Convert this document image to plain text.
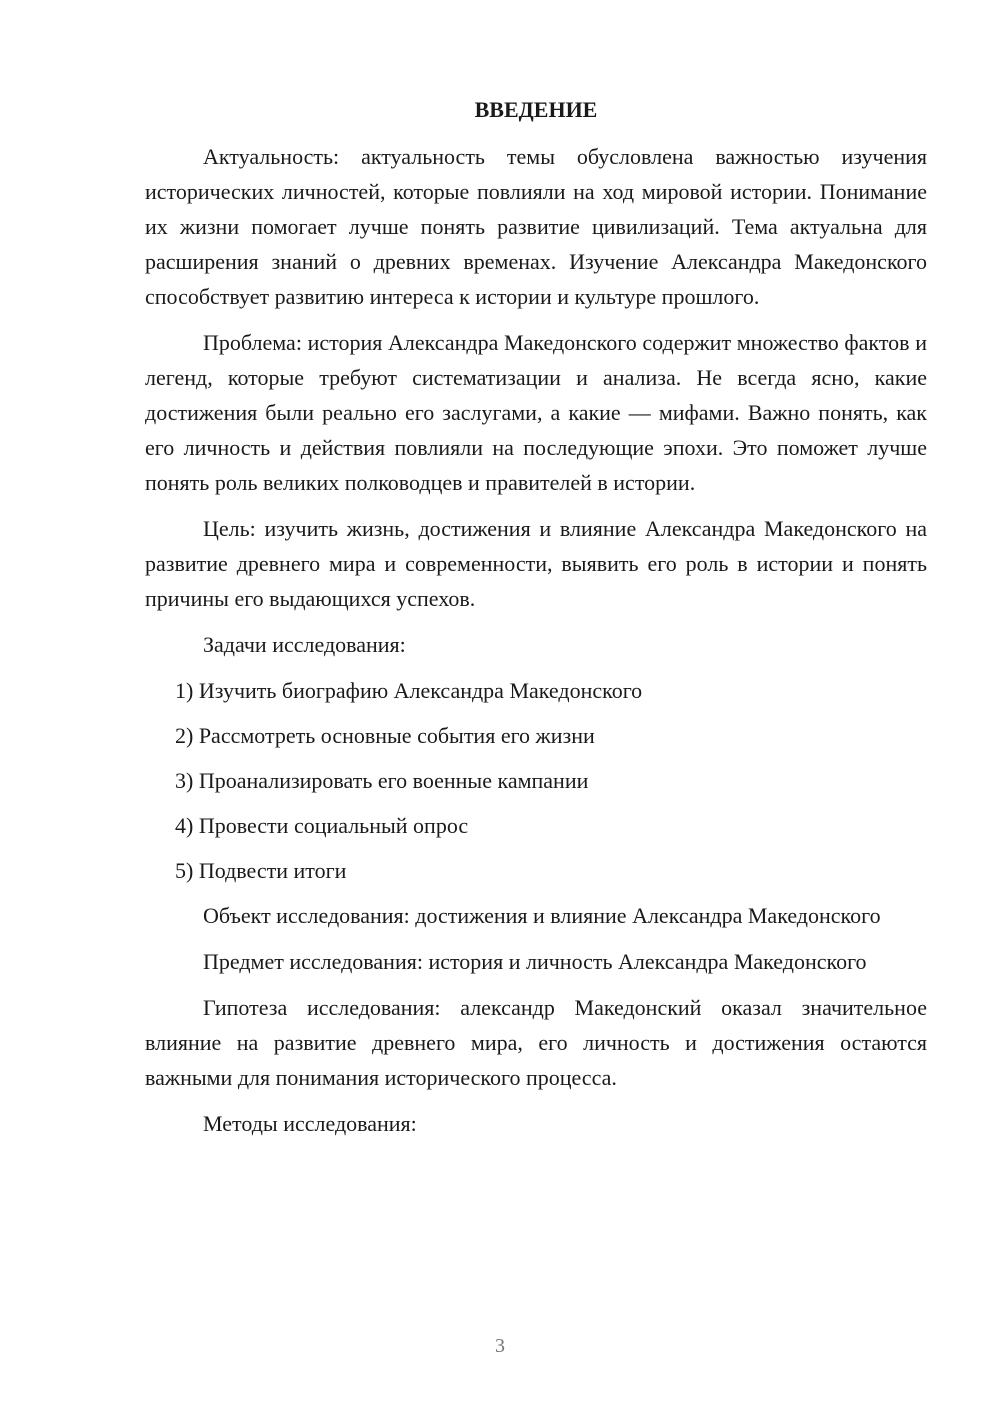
ВВЕДЕНИЕ

Актуальность: актуальность темы обусловлена важностью изучения исторических личностей, которые повлияли на ход мировой истории. Понимание их жизни помогает лучше понять развитие цивилизаций. Тема актуальна для расширения знаний о древних временах. Изучение Александра Македонского способствует развитию интереса к истории и культуре прошлого.

Проблема: история Александра Македонского содержит множество фактов и легенд, которые требуют систематизации и анализа. Не всегда ясно, какие достижения были реально его заслугами, а какие — мифами. Важно понять, как его личность и действия повлияли на последующие эпохи. Это поможет лучше понять роль великих полководцев и правителей в истории.

Цель: изучить жизнь, достижения и влияние Александра Македонского на развитие древнего мира и современности, выявить его роль в истории и понять причины его выдающихся успехов.

Задачи исследования:

1) Изучить биографию Александра Македонского
2) Рассмотреть основные события его жизни
3) Проанализировать его военные кампании
4) Провести социальный опрос
5) Подвести итоги

Объект исследования: достижения и влияние Александра Македонского

Предмет исследования: история и личность Александра Македонского

Гипотеза исследования: александр Македонский оказал значительное влияние на развитие древнего мира, его личность и достижения остаются важными для понимания исторического процесса.

Методы исследования:

3
